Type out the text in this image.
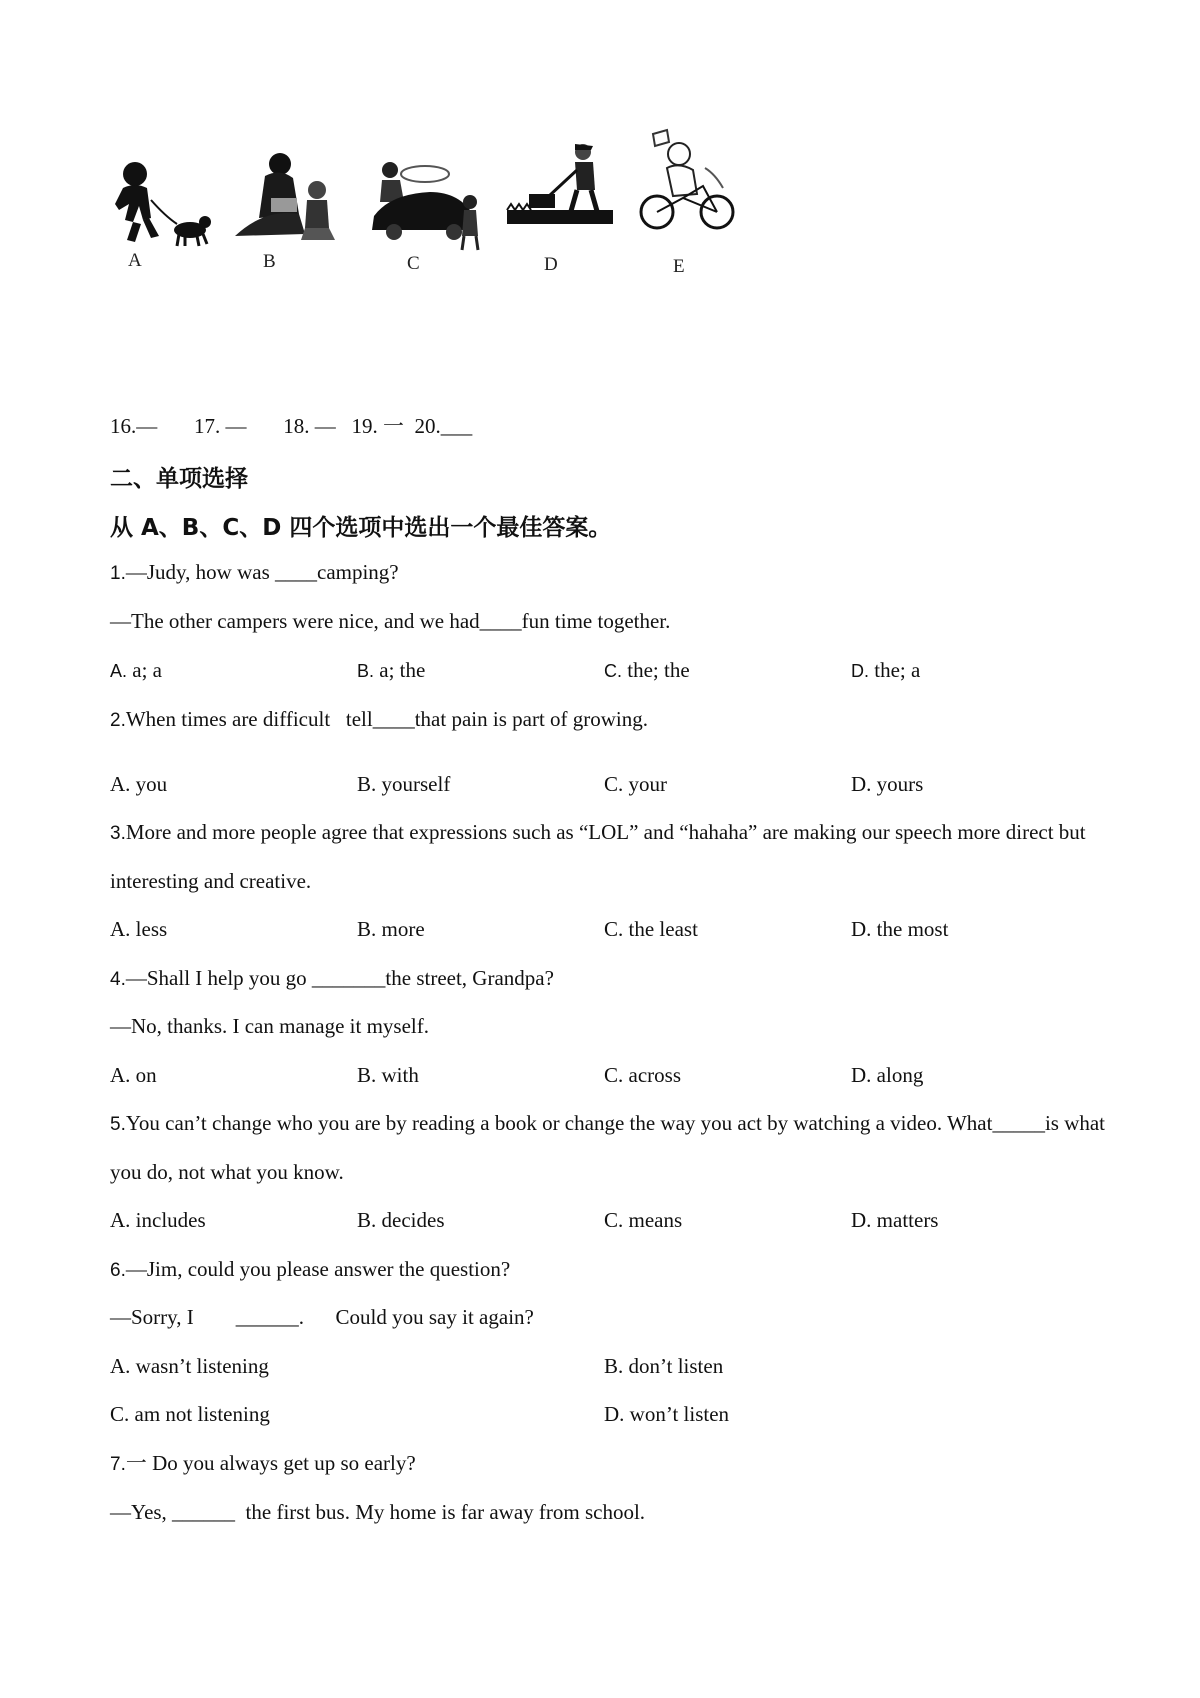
A	B	C	D	E
16.—       17. —       18. —   19. 一  20.___
二、单项选择
从 A、B、C、D 四个选项中选出一个最佳答案。
1.—Judy, how was ____camping?
—The other campers were nice, and we had____fun time together.
A. a; a	B. a; the	C. the; the	D. the; a
2.When times are difficult   tell____that pain is part of growing.
A. you	B. yourself	C. your	D. yours
3.More and more people agree that expressions such as “LOL” and “hahaha” are making our speech more direct but
interesting and creative.
A. less	B. more	C. the least	D. the most
4.—Shall I help you go _______the street, Grandpa?
—No, thanks. I can manage it myself.
A. on	B. with	C. across	D. along
5.You can’t change who you are by reading a book or change the way you act by watching a video. What_____is what
you do, not what you know.
A. includes	B. decides	C. means	D. matters
6.—Jim, could you please answer the question?
—Sorry, I        ______.      Could you say it again?
A. wasn’t listening	B. don’t listen
C. am not listening	D. won’t listen
7.一 Do you always get up so early?
—Yes, ______  the first bus. My home is far away from school.
